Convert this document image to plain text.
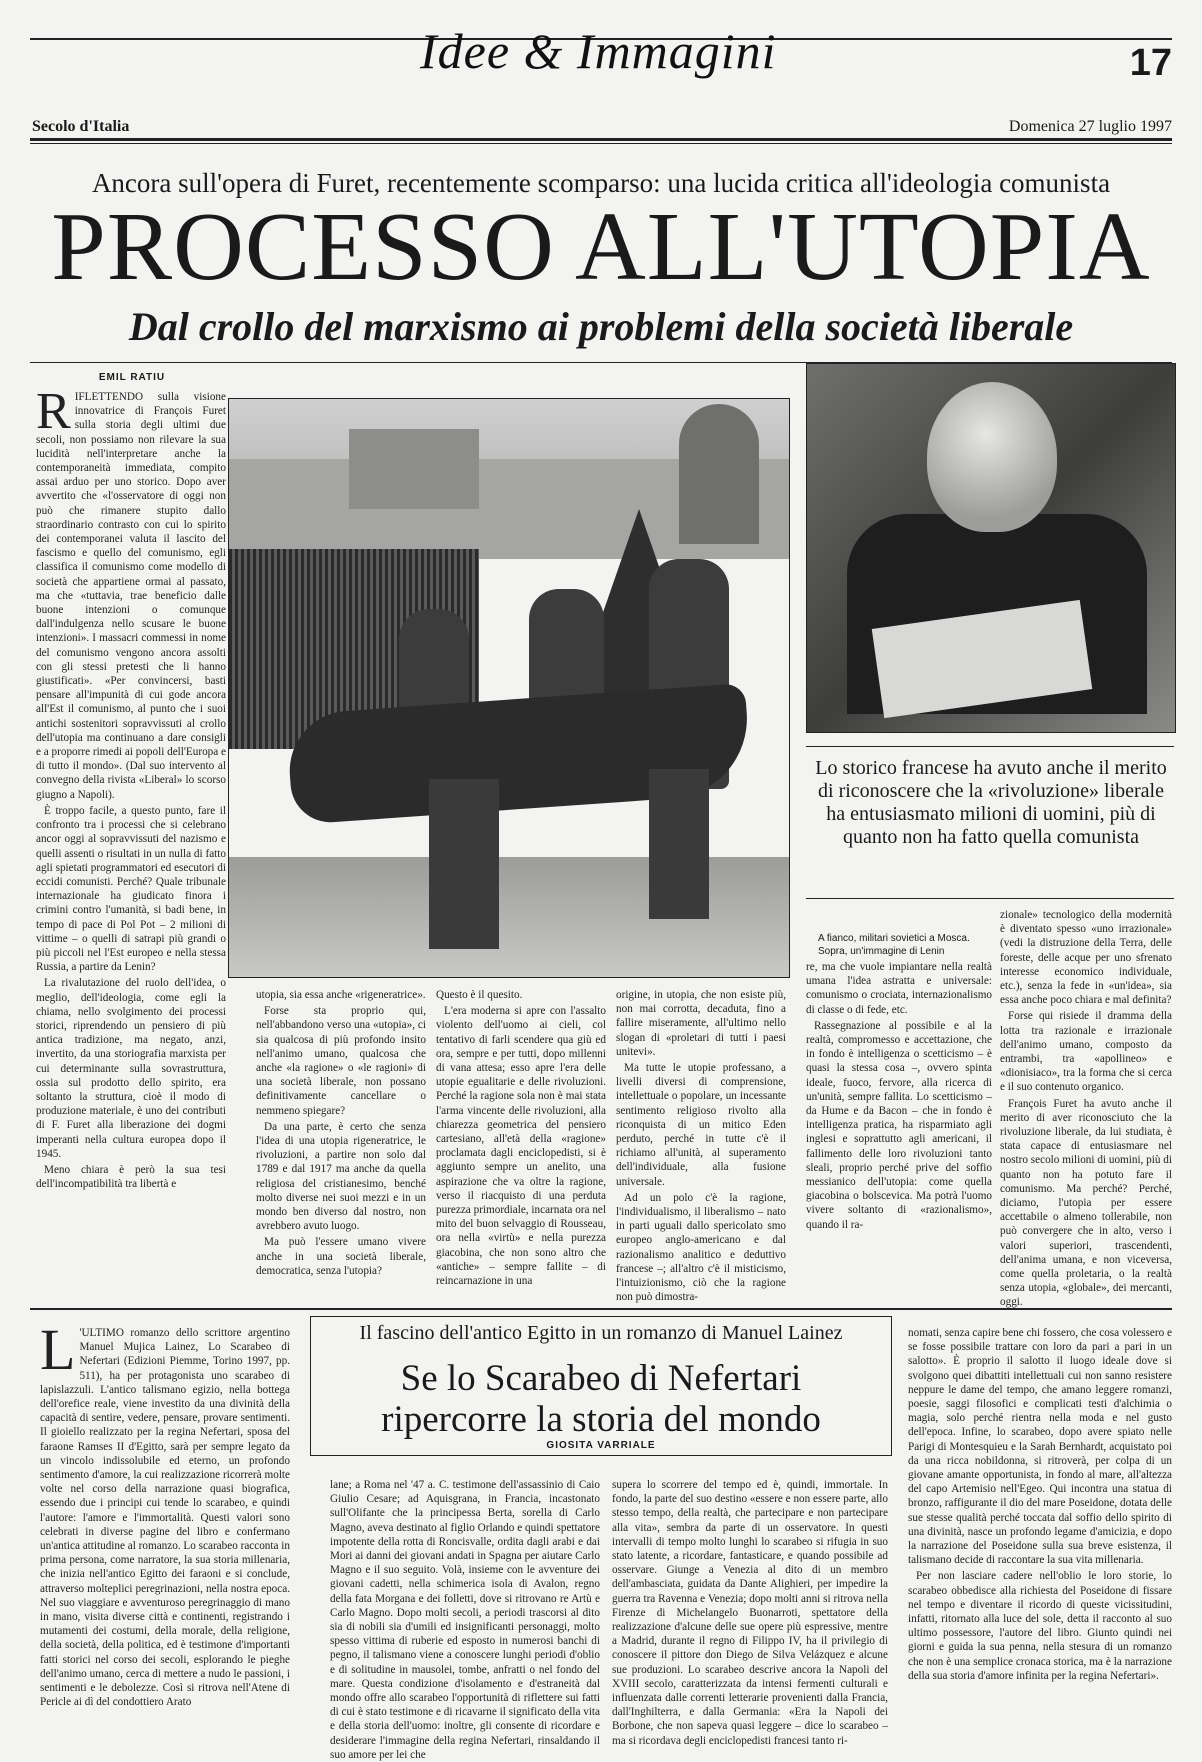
Idee & Immagini	17
Secolo d'Italia	Domenica 27 luglio 1997
Ancora sull'opera di Furet, recentemente scomparso: una lucida critica all'ideologia comunista
PROCESSO ALL'UTOPIA
Dal crollo del marxismo ai problemi della società liberale
EMIL RATIU
R IFLETTENDO sulla visione innovatrice di François Furet sulla storia degli ultimi due secoli, non possiamo non rilevare la sua lucidità nell'interpretare anche la contemporaneità immediata, compito assai arduo per uno storico. Dopo aver avvertito che «l'osservatore di oggi non può che rimanere stupito dallo straordinario contrasto con cui lo spirito dei contemporanei valuta il lascito del fascismo e quello del comunismo, egli classifica il comunismo come modello di società che appartiene ormai al passato, ma che «tuttavia, trae beneficio dalle buone intenzioni o comunque dall'indulgenza nello scusare le buone intenzioni». I massacri commessi in nome del comunismo vengono ancora assolti con gli stessi pretesti che li hanno giustificati». «Per convincersi, basti pensare all'impunità di cui gode ancora all'Est il comunismo, al punto che i suoi antichi sostenitori sopravvissuti al crollo dell'utopia ma continuano a dare consigli e a proporre rimedi ai popoli dell'Europa e di tutto il mondo». (Dal suo intervento al convegno della rivista «Liberal» lo scorso giugno a Napoli).

È troppo facile, a questo punto, fare il confronto tra i processi che si celebrano ancor oggi al sopravvissuti del nazismo e quelli assenti o risultati in un nulla di fatto agli spietati programmatori ed esecutori di eccidi comunisti. Perché? Quale tribunale internazionale ha giudicato finora i crimini contro l'umanità, si badi bene, in tempo di pace di Pol Pot – 2 milioni di vittime – o quelli di satrapi più grandi o più piccoli nel l'Est europeo e nella stessa Russia, a partire da Lenin?

La rivalutazione del ruolo dell'idea, o meglio, dell'ideologia, come egli la chiama, nello svolgimento dei processi storici, riprendendo un pensiero di più antica tradizione, ma negato, anzi, invertito, da una storiografia marxista per cui determinante sulla sovrastruttura, ossia sul prodotto dello spirito, era soltanto la struttura, cioè il modo di produzione materiale, è uno dei contributi di F. Furet alla liberazione dei dogmi imperanti nella cultura europea dopo il 1945.

Meno chiara è però la sua tesi dell'incompatibilità tra libertà e

Lo storico francese ha avuto anche il merito di riconoscere che la «rivoluzione» liberale ha entusiasmato milioni di uomini, più di quanto non ha fatto quella comunista
A fianco, militari sovietici a Mosca. Sopra, un'immagine di Lenin

zionale» tecnologico della modernità è diventato spesso «uno irrazionale» (vedi la distruzione della Terra, delle foreste, delle acque per uno sfrenato interesse economico individuale, etc.), senza la fede in «un'idea», sia essa anche poco chiara e mal definita?

Forse qui risiede il dramma della lotta tra razionale e irrazionale dell'animo umano, composto da entrambi, tra «apollineo» e «dionisiaco», tra la forma che si cerca e il suo contenuto organico.

François Furet ha avuto anche il merito di aver riconosciuto che la rivoluzione liberale, da lui studiata, è stata capace di entusiasmare nel nostro secolo milioni di uomini, più di quanto non ha potuto fare il comunismo. Ma perché? Perché, diciamo, l'utopia per essere accettabile o almeno tollerabile, non può convergere che in alto, verso i valori superiori, trascendenti, dell'anima umana, e non viceversa, come quella proletaria, o la realtà senza utopia, «globale», dei mercanti, oggi.

utopia, sia essa anche «rigeneratrice».

Forse sta proprio qui, nell'abbandono verso una «utopia», ci sia qualcosa di più profondo insito nell'animo umano, qualcosa che anche «la ragione» o «le ragioni» di una società liberale, non possano definitivamente cancellare o nemmeno spiegare?

Da una parte, è certo che senza l'idea di una utopia rigeneratrice, le rivoluzioni, a partire non solo dal 1789 e dal 1917 ma anche da quella religiosa del cristianesimo, benché molto diverse nei suoi mezzi e in un mondo ben diverso dal nostro, non avrebbero avuto luogo.

Ma può l'essere umano vivere anche in una società liberale, democratica, senza l'utopia?

Questo è il quesito.

L'era moderna si apre con l'assalto violento dell'uomo ai cieli, col tentativo di farli scendere qua giù ed ora, sempre e per tutti, dopo millenni di vana attesa; esso apre l'era delle utopie egualitarie e delle rivoluzioni. Perché la ragione sola non è mai stata l'arma vincente delle rivoluzioni, alla chiarezza geometrica del pensiero cartesiano, all'età della «ragione» proclamata dagli enciclopedisti, si è aggiunto sempre un anelito, una aspirazione che va oltre la ragione, verso il riacquisto di una perduta purezza primordiale, incarnata ora nel mito del buon selvaggio di Rousseau, ora nella «virtù» e nella purezza giacobina, che non sono altro che «antiche» – sempre fallite – di reincarnazione in una

origine, in utopia, che non esiste più, non mai corrotta, decaduta, fino a fallire miseramente, all'ultimo nello slogan di «proletari di tutti i paesi unitevi».

Ma tutte le utopie professano, a livelli diversi di comprensione, intellettuale o popolare, un incessante sentimento religioso rivolto alla riconquista di un mitico Eden perduto, perché in tutte c'è il richiamo all'unità, al superamento dell'individuale, alla fusione universale.

Ad un polo c'è la ragione, l'individualismo, il liberalismo – nato in parti uguali dallo spericolato smo europeo anglo-americano e dal razionalismo analitico e deduttivo francese –; all'altro c'è il misticismo, l'intuizionismo, ciò che la ragione non può dimostra-

re, ma che vuole impiantare nella realtà umana l'idea astratta e universale: comunismo o crociata, internazionalismo di classe o di fede, etc.

Rassegnazione al possibile e al la realtà, compromesso e accettazione, che in fondo è intelligenza o scetticismo – è quasi la stessa cosa –, ovvero spinta ideale, fuoco, fervore, alla ricerca di un'unità, sempre fallita. Lo scetticismo – da Hume e da Bacon – che in fondo è intelligenza pratica, ha risparmiato agli inglesi e soprattutto agli americani, il fallimento delle loro rivoluzioni tanto sleali, proprio perché prive del soffio messianico dell'utopia: come quella giacobina o bolscevica. Ma potrà l'uomo vivere soltanto di «razionalismo», quando il ra-

L 'ULTIMO romanzo dello scrittore argentino Manuel Mujica Lainez, Lo Scarabeo di Nefertari (Edizioni Piemme, Torino 1997, pp. 511), ha per protagonista uno scarabeo di lapislazzuli. L'antico talismano egizio, nella bottega dell'orefice reale, viene investito da una divinità della capacità di sentire, vedere, pensare, provare sentimenti. Il gioiello realizzato per la regina Nefertari, sposa del faraone Ramses II d'Egitto, sarà per sempre legato da un vincolo indissolubile ed eterno, un profondo sentimento d'amore, la cui realizzazione ricorrerà molte volte nel corso della narrazione quasi biografica, essendo due i principi cui tende lo scarabeo, e quindi l'autore: l'amore e l'immortalità. Questi valori sono celebrati in diverse pagine del libro e confermano un'antica attitudine al romanzo. Lo scarabeo racconta in prima persona, come narratore, la sua storia millenaria, che inizia nell'antico Egitto dei faraoni e si conclude, attraverso molteplici peregrinazioni, nella nostra epoca. Nel suo viaggiare e avventuroso peregrinaggio di mano in mano, visita diverse città e continenti, registrando i mutamenti dei costumi, della morale, della religione, della società, della politica, ed è testimone d'importanti fatti storici nel corso dei secoli, esplorando le pieghe dell'animo umano, cerca di mettere a nudo le passioni, i sentimenti e le debolezze. Così si ritrova nell'Atene di Pericle ai dì del condottiero Arato

Il fascino dell'antico Egitto in un romanzo di Manuel Lainez
Se lo Scarabeo di Nefertari
ripercorre la storia del mondo
GIOSITA VARRIALE

lane; a Roma nel '47 a. C. testimone dell'assassinio di Caio Giulio Cesare; ad Aquisgrana, in Francia, incastonato sull'Olifante che la principessa Berta, sorella di Carlo Magno, aveva destinato al figlio Orlando e quindi spettatore impotente della rotta di Roncisvalle, ordita dagli arabi e dai Mori ai danni dei giovani andati in Spagna per aiutare Carlo Magno e il suo seguito. Volà, insieme con le avventure dei giovani cadetti, nella schimerica isola di Avalon, regno della fata Morgana e dei folletti, dove si ritrovano re Artù e Carlo Magno. Dopo molti secoli, a periodi trascorsi al dito sia di nobili sia d'umili ed insignificanti personaggi, molto spesso vittima di ruberie ed esposto in numerosi banchi di pegno, il talismano viene a conoscere lunghi periodi d'oblio e di solitudine in mausolei, tombe, anfratti o nel fondo del mare. Questa condizione d'isolamento e d'estraneità dal mondo offre allo scarabeo l'opportunità di riflettere sui fatti di cui è stato testimone e di ricavarne il significato della vita e della storia dell'uomo: inoltre, gli consente di ricordare e desiderare l'immagine della regina Nefertari, rinsaldando il suo amore per lei che

supera lo scorrere del tempo ed è, quindi, immortale. In fondo, la parte del suo destino «essere e non essere parte, allo stesso tempo, della realtà, che partecipare e non partecipare alla vita», sembra da parte di un osservatore. In questi intervalli di tempo molto lunghi lo scarabeo si rifugia in suo stato latente, a ricordare, fantasticare, e quando possibile ad osservare. Giunge a Venezia al dito di un membro dell'ambasciata, guidata da Dante Alighieri, per impedire la guerra tra Ravenna e Venezia; dopo molti anni si ritrova nella Firenze di Michelangelo Buonarroti, spettatore della realizzazione d'alcune delle sue opere più espressive, mentre a Madrid, durante il regno di Filippo IV, ha il privilegio di conoscere il pittore don Diego de Silva Velázquez e alcune sue produzioni. Lo scarabeo descrive ancora la Napoli del XVIII secolo, caratterizzata da intensi fermenti culturali e influenzata dalle correnti letterarie provenienti dalla Francia, dall'Inghilterra, e dalla Germania: «Era la Napoli dei Borbone, che non sapeva quasi leggere – dice lo scarabeo – ma si ricordava degli enciclopedisti francesi tanto ri-

nomati, senza capire bene chi fossero, che cosa volessero e se fosse possibile trattare con loro da pari a pari in un salotto». È proprio il salotto il luogo ideale dove si svolgono quei dibattiti intellettuali cui non sanno resistere neppure le dame del tempo, che amano leggere romanzi, poesie, saggi filosofici e complicati testi d'alchimia o magia, solo perché rientra nella moda e nel gusto dell'epoca. Infine, lo scarabeo, dopo avere spiato nelle Parigi di Montesquieu e la Sarah Bernhardt, acquistato poi da una ricca nobildonna, si ritroverà, per colpa di un giovane amante opportunista, in fondo al mare, all'altezza del capo Artemisio nell'Egeo. Qui incontra una statua di bronzo, raffigurante il dio del mare Poseidone, dotata delle sue stesse qualità perché toccata dal soffio dello spirito di una divinità, nasce un profondo legame d'amicizia, e dopo la narrazione del Poseidone sulla sua breve esistenza, il talismano decide di raccontare la sua vita millenaria.

Per non lasciare cadere nell'oblio le loro storie, lo scarabeo obbedisce alla richiesta del Poseidone di fissare nel tempo e diventare il ricordo di queste vicissitudini, infatti, ritornato alla luce del sole, detta il racconto al suo ultimo possessore, l'autore del libro. Giunto quindi nei giorni e guida la sua penna, nella stesura di un romanzo che non è una semplice cronaca storica, ma è la narrazione della sua storia d'amore infinita per la regina Nefertari».
